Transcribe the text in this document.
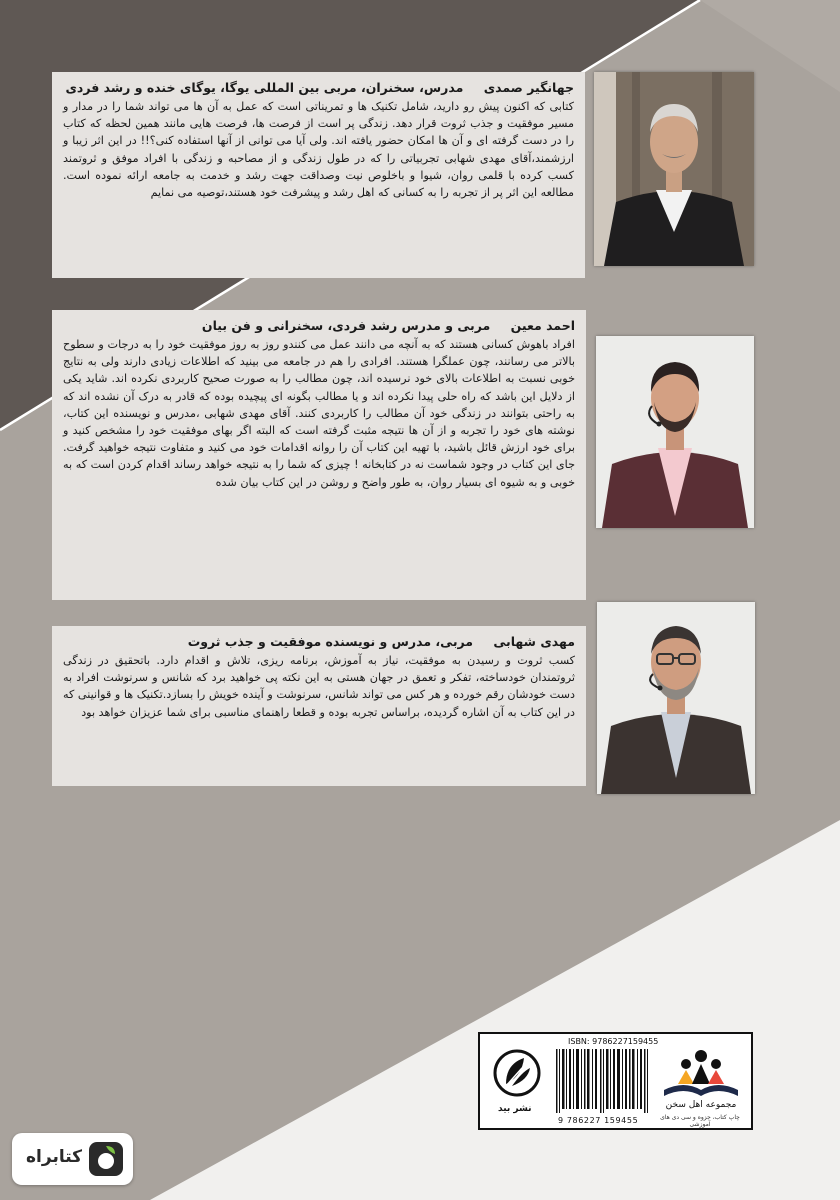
جهانگیر صمدی مدرس، سخنران، مربی بین المللی یوگا، یوگای خنده و رشد فردی
کتابی که اکنون پیش رو دارید، شامل تکنیک ها و تمریناتی است که عمل به آن ها می تواند شما را در مدار و مسیر موفقیت و جذب ثروت قرار دهد. زندگی پر است از فرصت ها، فرصت هایی مانند همین لحظه که کتاب را در دست گرفته ای و آن ها امکان حضور یافته اند. ولی آیا می توانی از آنها استفاده کنی؟!! در این اثر زیبا و ارزشمند،آقای مهدی شهابی تجربیاتی را که در طول زندگی و از مصاحبه و زندگی با افراد موفق و ثروتمند کسب کرده با قلمی روان، شیوا و باخلوص نیت وصداقت جهت رشد و خدمت به جامعه ارائه نموده است. مطالعه این اثر پر از تجربه را به کسانی که اهل رشد و پیشرفت خود هستند،توصیه می نمایم
احمد معین مربی و مدرس رشد فردی، سخنرانی و فن بیان
افراد باهوش کسانی هستند که به آنچه می دانند عمل می کنندو روز به روز موفقیت خود را به درجات و سطوح بالاتر می رسانند، چون عملگرا هستند. افرادی را هم در جامعه می بینید که اطلاعات زیادی دارند ولی به نتایج خوبی نسبت به اطلاعات بالای خود نرسیده اند، چون مطالب را به صورت صحیح کاربردی نکرده اند. شاید یکی از دلایل این باشد که راه حلی پیدا نکرده اند و یا مطالب بگونه ای پیچیده بوده که قادر به درک آن نشده اند که به راحتی بتوانند در زندگی خود آن مطالب را کاربردی کنند. آقای مهدی شهابی ،مدرس و نویسنده این کتاب، نوشته های خود را تجربه و از آن ها نتیجه مثبت گرفته است که البته اگر بهای موفقیت خود را مشخص کنید و برای خود ارزش قائل باشید، با تهیه این کتاب آن را روانه اقدامات خود می کنید و متفاوت نتیجه خواهید گرفت. جای این کتاب در وجود شماست نه در کتابخانه ! چیزی که شما را به نتیجه خواهد رساند اقدام کردن است که به خوبی و به شیوه ای بسیار روان، به طور واضح و روشن در این کتاب بیان شده
مهدی شهابی مربی، مدرس و نویسنده موفقیت و جذب ثروت
کسب ثروت و رسیدن به موفقیت، نیاز به آموزش، برنامه ریزی، تلاش و اقدام دارد. باتحقیق در زندگی ثروتمندان خودساخته، تفکر و تعمق در جهان هستی به این نکته پی خواهید برد که شانس و سرنوشت افراد به دست خودشان رقم خورده و هر کس می تواند شانس، سرنوشت و آینده خویش را بسازد.تکنیک ها و قوانینی که در این کتاب به آن اشاره گردیده، براساس تجربه بوده و قطعا راهنمای مناسبی برای شما عزیزان خواهد بود
نشر بید
ISBN: 9786227159455
9 786227 159455
مجموعه اهل سخن
چاپ کتاب، جزوه و سی دی های آموزشی
کتابراه
